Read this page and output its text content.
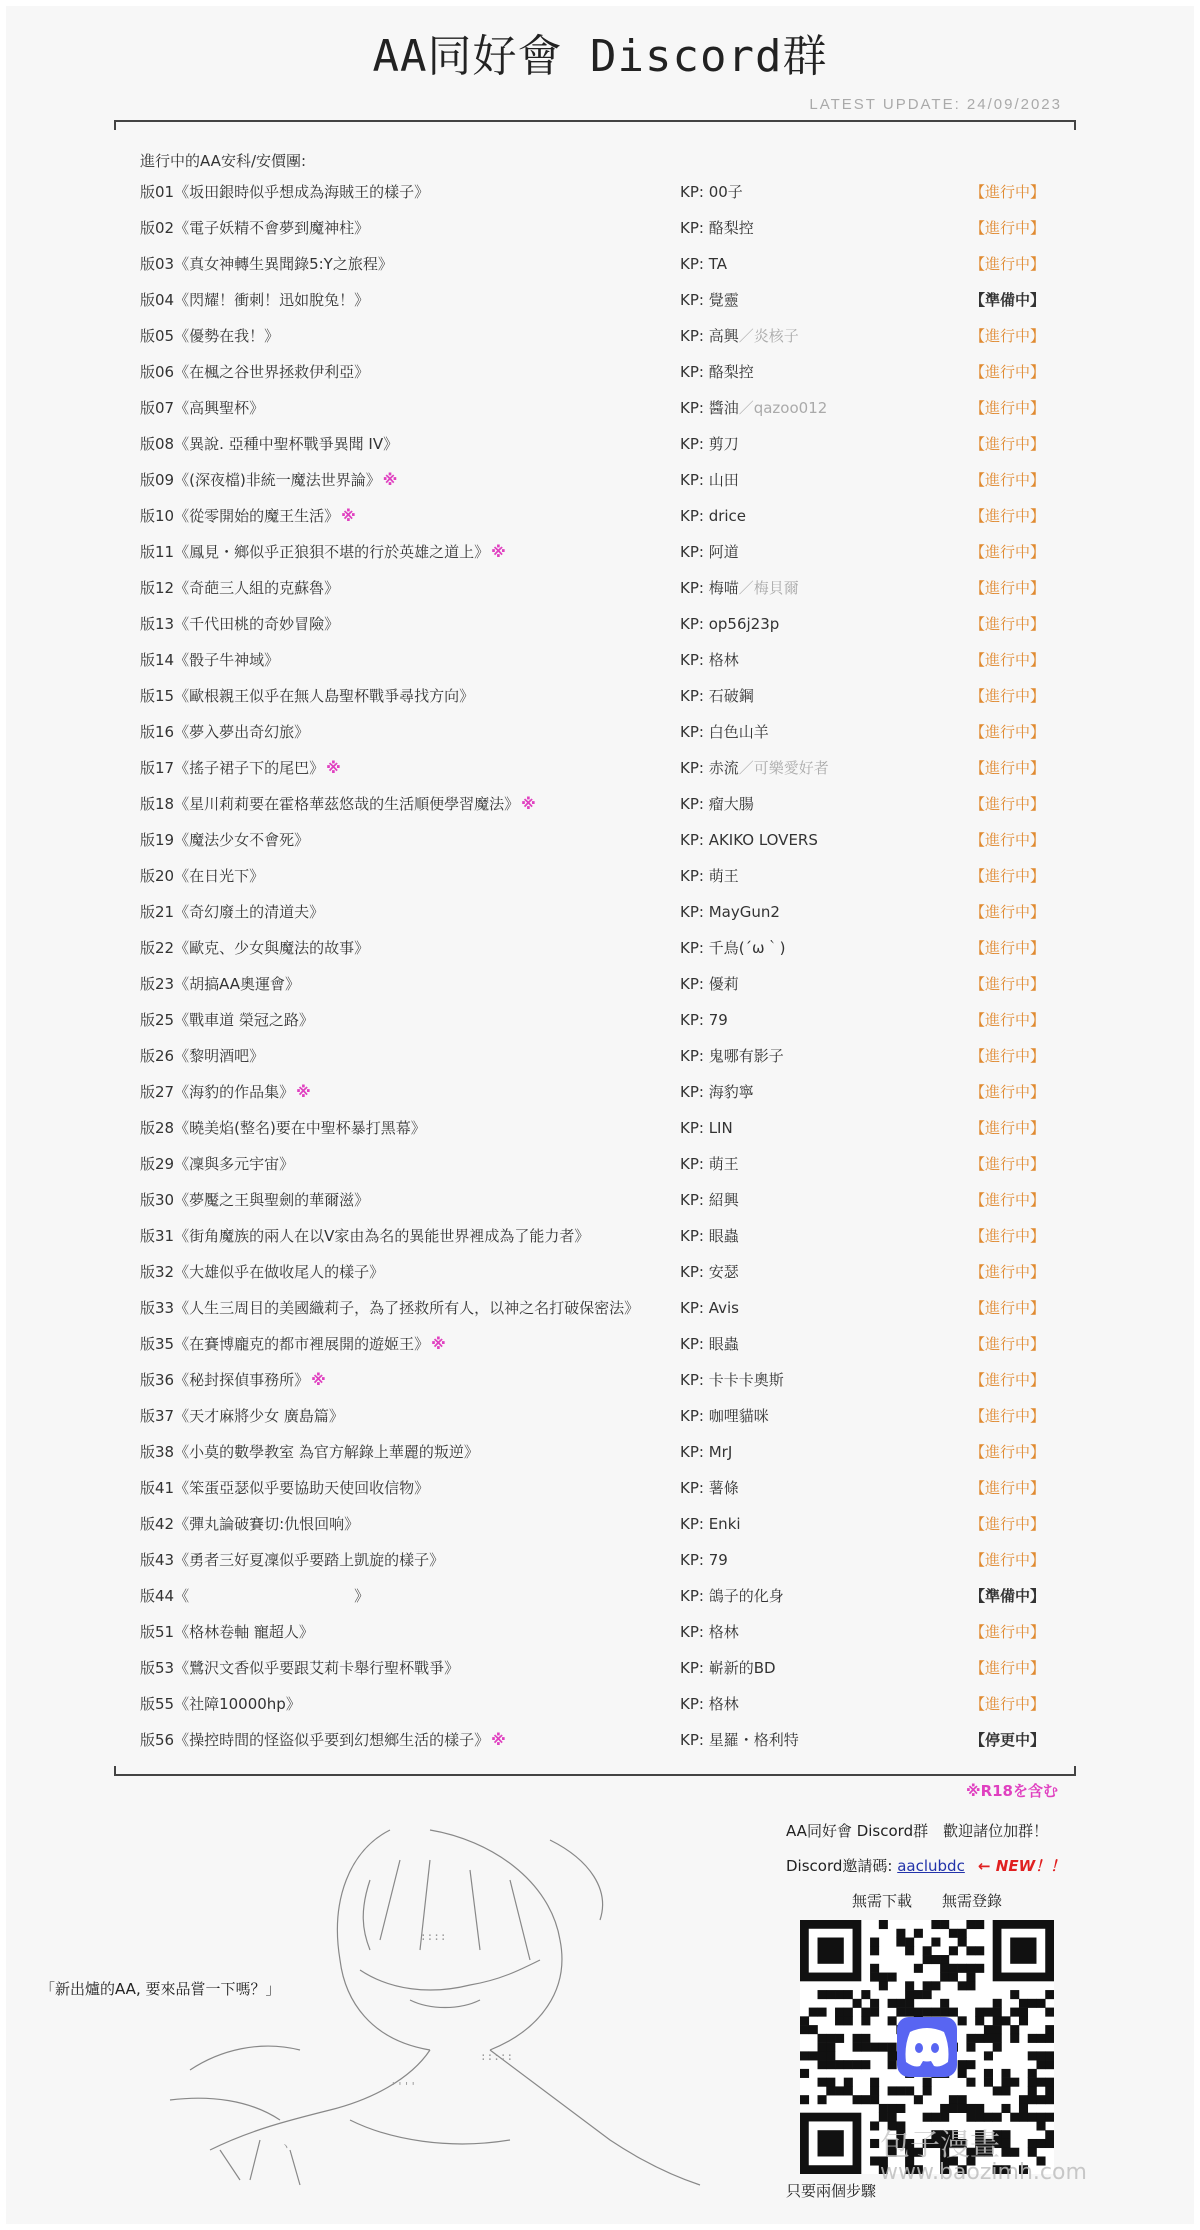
AA同好會 Discord群
LATEST UPDATE: 24/09/2023
進行中的AA安科/安價團:
版01《坂田銀時似乎想成為海賊王的樣子》	KP: 00子	【進行中】
版02《電子妖精不會夢到魔神柱》	KP: 酪梨控	【進行中】
版03《真女神轉生異聞錄5:Y之旅程》	KP: TA	【進行中】
版04《閃耀！衝刺！迅如脫兔！》	KP: 覺靈	【準備中】
版05《優勢在我！》	KP: 高興／炎核子	【進行中】
版06《在楓之谷世界拯救伊利亞》	KP: 酪梨控	【進行中】
版07《高興聖杯》	KP: 醬油／qazoo012	【進行中】
版08《異說. 亞種中聖杯戰爭異聞 IV》	KP: 剪刀	【進行中】
版09《(深夜檔)非統一魔法世界論》 ※	KP: 山田	【進行中】
版10《從零開始的魔王生活》 ※	KP: drice	【進行中】
版11《鳳見・鄉似乎正狼狽不堪的行於英雄之道上》 ※	KP: 阿道	【進行中】
版12《奇葩三人組的克蘇魯》	KP: 梅喵／梅貝爾	【進行中】
版13《千代田桃的奇妙冒險》	KP: op56j23p	【進行中】
版14《骰子牛神域》	KP: 格林	【進行中】
版15《歐根親王似乎在無人島聖杯戰爭尋找方向》	KP: 石破鋼	【進行中】
版16《夢入夢出奇幻旅》	KP: 白色山羊	【進行中】
版17《搖子裙子下的尾巴》 ※	KP: 赤流／可樂愛好者	【進行中】
版18《星川莉莉要在霍格華茲悠哉的生活順便學習魔法》 ※	KP: 瘤大腸	【進行中】
版19《魔法少女不會死》	KP: AKIKO LOVERS	【進行中】
版20《在日光下》	KP: 萌王	【進行中】
版21《奇幻廢土的清道夫》	KP: MayGun2	【進行中】
版22《歐克、少女與魔法的故事》	KP: 千鳥(´ω｀)	【進行中】
版23《胡搞AA奧運會》	KP: 優莉	【進行中】
版25《戰車道 榮冠之路》	KP: 79	【進行中】
版26《黎明酒吧》	KP: 鬼哪有影子	【進行中】
版27《海豹的作品集》 ※	KP: 海豹寧	【進行中】
版28《曉美焰(整名)要在中聖杯暴打黑幕》	KP: LIN	【進行中】
版29《凜與多元宇宙》	KP: 萌王	【進行中】
版30《夢魘之王與聖劍的華爾滋》	KP: 紹興	【進行中】
版31《街角魔族的兩人在以V家由為名的異能世界裡成為了能力者》	KP: 眼蟲	【進行中】
版32《大雄似乎在做收尾人的樣子》	KP: 安瑟	【進行中】
版33《人生三周目的美國織莉子，為了拯救所有人，以神之名打破保密法》	KP: Avis	【進行中】
版35《在賽博龐克的都市裡展開的遊姬王》 ※	KP: 眼蟲	【進行中】
版36《秘封探偵事務所》 ※	KP: 卡卡卡奧斯	【進行中】
版37《天才麻將少女 廣島篇》	KP: 咖哩貓咪	【進行中】
版38《小莫的數學教室 為官方解錄上華麗的叛逆》	KP: MrJ	【進行中】
版41《笨蛋亞瑟似乎要協助天使回收信物》	KP: 薯條	【進行中】
版42《彈丸論破賽切:仇恨回响》	KP: Enki	【進行中】
版43《勇者三好夏凜似乎要踏上凱旋的樣子》	KP: 79	【進行中】
版44《　　　　　　　　　　　》	KP: 鴿子的化身	【準備中】
版51《格林卷軸 寵超人》	KP: 格林	【進行中】
版53《鷺沢文香似乎要跟艾莉卡舉行聖杯戰爭》	KP: 嶄新的BD	【進行中】
版55《社障10000hp》	KP: 格林	【進行中】
版56《操控時間的怪盜似乎要到幻想鄉生活的樣子》 ※	KP: 星羅・格利特	【停更中】
※R18を含む
::::
:::::
''''
ヽ
「新出爐的AA, 要來品嘗一下嗎？」
AA同好會 Discord群　歡迎諸位加群！
Discord邀請碼: aaclubdc ← NEW！！
無需下載　　無需登錄
只要兩個步驟
包子漫畫
www.baozimh.com
